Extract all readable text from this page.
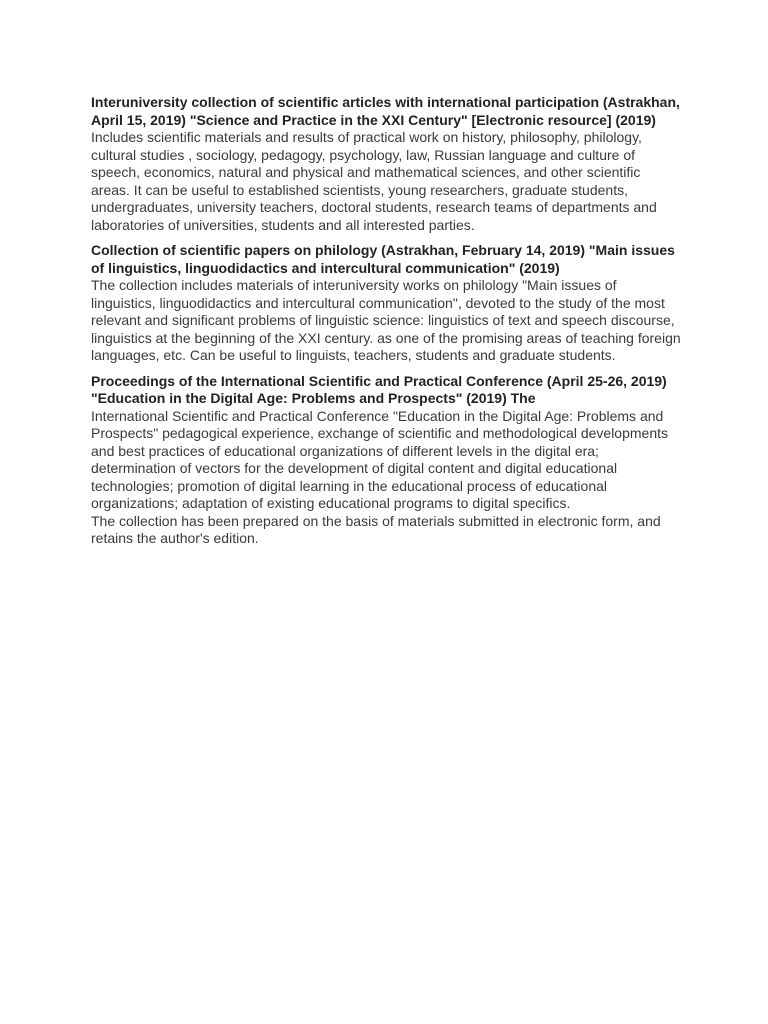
Interuniversity collection of scientific articles with international participation (Astrakhan, April 15, 2019) "Science and Practice in the XXI Century" [Electronic resource] (2019)
Includes scientific materials and results of practical work on history, philosophy, philology, cultural studies , sociology, pedagogy, psychology, law, Russian language and culture of speech, economics, natural and physical and mathematical sciences, and other scientific areas. It can be useful to established scientists, young researchers, graduate students, undergraduates, university teachers, doctoral students, research teams of departments and laboratories of universities, students and all interested parties.
Collection of scientific papers on philology (Astrakhan, February 14, 2019) "Main issues of linguistics, linguodidactics and intercultural communication" (2019)
The collection includes materials of interuniversity works on philology "Main issues of linguistics, linguodidactics and intercultural communication", devoted to the study of the most relevant and significant problems of linguistic science: linguistics of text and speech discourse, linguistics at the beginning of the XXI century. as one of the promising areas of teaching foreign languages, etc. Can be useful to linguists, teachers, students and graduate students.
Proceedings of the International Scientific and Practical Conference (April 25-26, 2019) "Education in the Digital Age: Problems and Prospects" (2019) The
International Scientific and Practical Conference "Education in the Digital Age: Problems and Prospects" pedagogical experience, exchange of scientific and methodological developments and best practices of educational organizations of different levels in the digital era; determination of vectors for the development of digital content and digital educational technologies; promotion of digital learning in the educational process of educational organizations; adaptation of existing educational programs to digital specifics.

The collection has been prepared on the basis of materials submitted in electronic form, and retains the author's edition.
